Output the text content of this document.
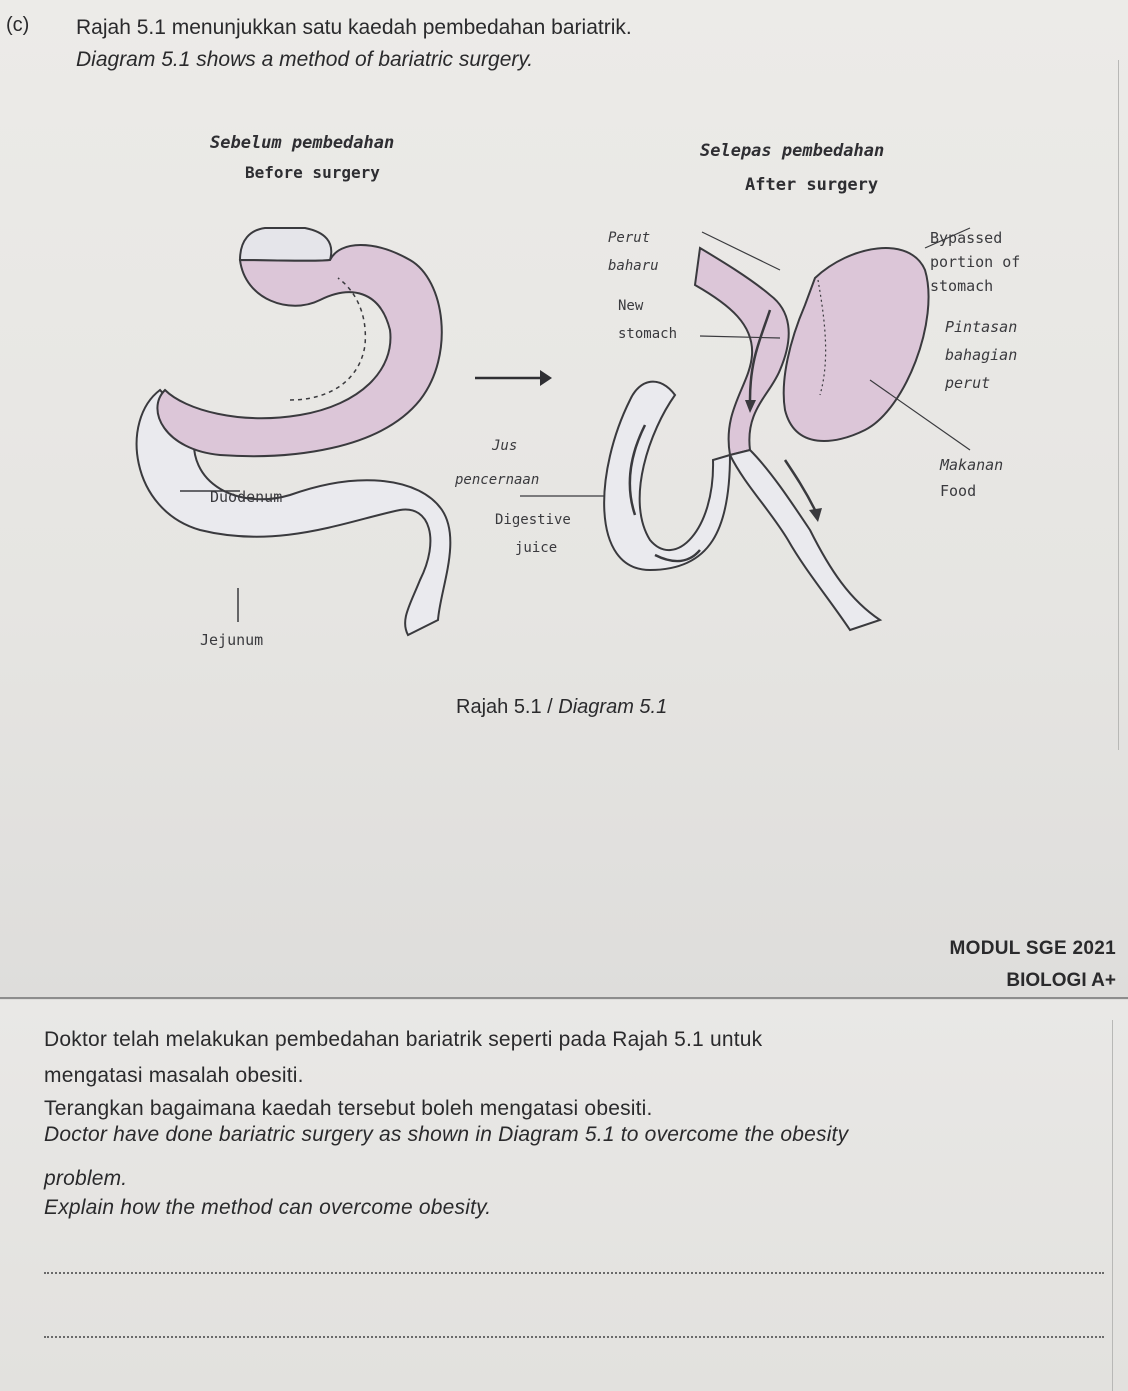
(c) Rajah 5.1 menunjukkan satu kaedah pembedahan bariatrik.
Diagram 5.1 shows a method of bariatric surgery.
Sebelum pembedahan
Before surgery
Duodenum
Jejunum
Jus
pencernaan
Digestive
juice
Selepas pembedahan
After surgery
Perut
baharu
New
stomach
Bypassed
portion of
stomach
Pintasan
bahagian
perut
Makanan
Food
Rajah 5.1 / Diagram 5.1
MODUL SGE 2021
BIOLOGI A+
Doktor telah melakukan pembedahan bariatrik seperti pada Rajah 5.1 untuk
mengatasi masalah obesiti.
Terangkan bagaimana kaedah tersebut boleh mengatasi obesiti.
Doctor have done bariatric surgery as shown in Diagram 5.1 to overcome the obesity
problem.
Explain how the method can overcome obesity.
